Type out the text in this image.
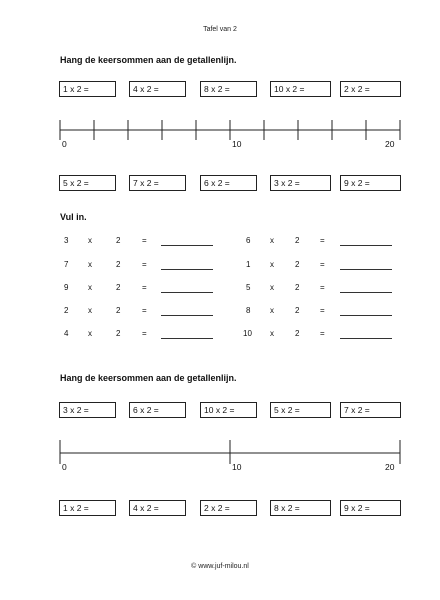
Tafel van 2
Hang de keersommen aan de getallenlijn.
1 x 2 =	4 x 2 =	8 x 2 =	10 x 2 =	2 x 2 =
0	10	20
5 x 2 =	7 x 2 =	6 x 2 =	3 x 2 =	9 x 2 =
Vul in.
3 x	2	=	6 x	2	=
7 x	2	=	1 x	2	=
9 x	2	=	5 x	2	=
2 x	2	=	8 x	2	=
4 x	2	=	10 x	2	=
Hang de keersommen aan de getallenlijn.
3 x 2 =	6 x 2 =	10 x 2 =	5 x 2 =	7 x 2 =
0	10	20
1 x 2 =	4 x 2 =	2 x 2 =	8 x 2 =	9 x 2 =
© www.juf-milou.nl
